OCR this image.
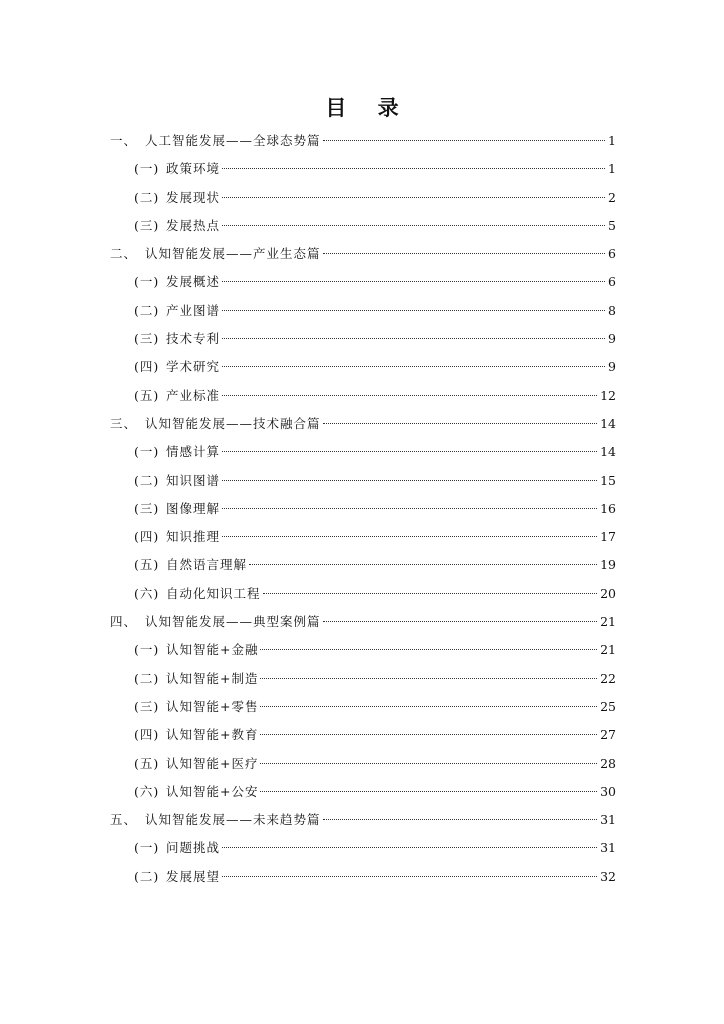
目 录
一、 人工智能发展——全球态势篇	1
(一) 政策环境	1
(二) 发展现状	2
(三) 发展热点	5
二、 认知智能发展——产业生态篇	6
(一) 发展概述	6
(二) 产业图谱	8
(三) 技术专利	9
(四) 学术研究	9
(五) 产业标准	12
三、 认知智能发展——技术融合篇	14
(一) 情感计算	14
(二) 知识图谱	15
(三) 图像理解	16
(四) 知识推理	17
(五) 自然语言理解	19
(六) 自动化知识工程	20
四、 认知智能发展——典型案例篇	21
(一) 认知智能+金融	21
(二) 认知智能+制造	22
(三) 认知智能+零售	25
(四) 认知智能+教育	27
(五) 认知智能+医疗	28
(六) 认知智能+公安	30
五、 认知智能发展——未来趋势篇	31
(一) 问题挑战	31
(二) 发展展望	32
